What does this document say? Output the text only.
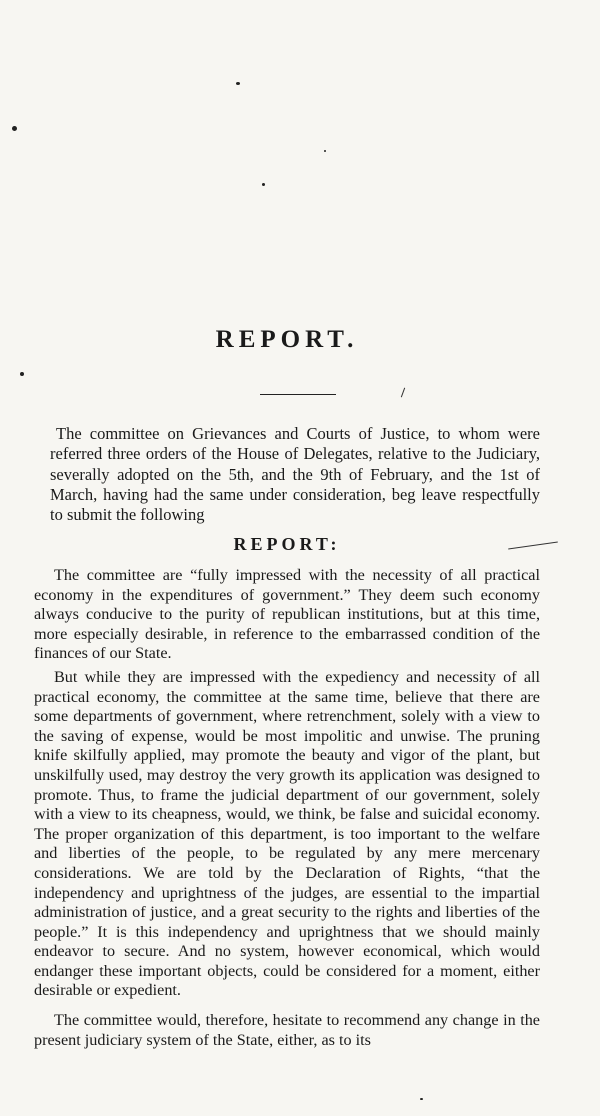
REPORT.

The committee on Grievances and Courts of Justice, to whom were referred three orders of the House of Delegates, relative to the Judiciary, severally adopted on the 5th, and the 9th of February, and the 1st of March, having had the same under consideration, beg leave respectfully to submit the following

REPORT:

The committee are “fully impressed with the necessity of all practical economy in the expenditures of government.” They deem such economy always conducive to the purity of republican institutions, but at this time, more especially desirable, in reference to the embarrassed condition of the finances of our State.

But while they are impressed with the expediency and necessity of all practical economy, the committee at the same time, believe that there are some departments of government, where retrenchment, solely with a view to the saving of expense, would be most impolitic and unwise. The pruning knife skilfully applied, may promote the beauty and vigor of the plant, but unskilfully used, may destroy the very growth its application was designed to promote. Thus, to frame the judicial department of our government, solely with a view to its cheapness, would, we think, be false and suicidal economy. The proper organization of this department, is too important to the welfare and liberties of the people, to be regulated by any mere mercenary considerations. We are told by the Declaration of Rights, “that the independency and uprightness of the judges, are essential to the impartial administration of justice, and a great security to the rights and liberties of the people.” It is this independency and uprightness that we should mainly endeavor to secure. And no system, however economical, which would endanger these important objects, could be considered for a moment, either desirable or expedient.

The committee would, therefore, hesitate to recommend any change in the present judiciary system of the State, either, as to its
